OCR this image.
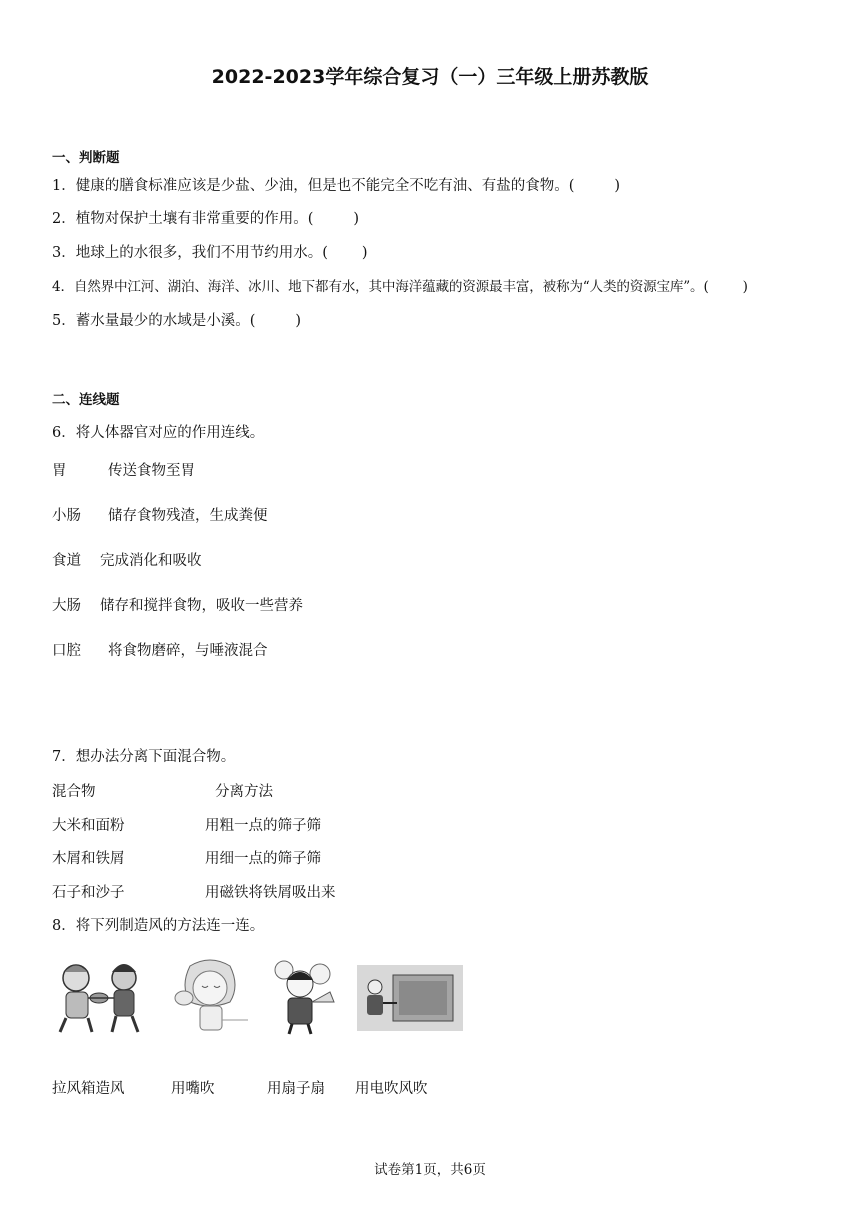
2022-2023学年综合复习（一）三年级上册苏教版
一、判断题
1．健康的膳食标准应该是少盐、少油，但是也不能完全不吃有油、有盐的食物。(	)
2．植物对保护土壤有非常重要的作用。(	)
3．地球上的水很多，我们不用节约用水。( )
4．自然界中江河、湖泊、海洋、冰川、地下都有水，其中海洋蕴藏的资源最丰富，被称为“人类的资源宝库”。(	)
5．蓄水量最少的水域是小溪。(	)
二、连线题
6．将人体器官对应的作用连线。
胃	传送食物至胃
小肠 储存食物残渣，生成粪便
食道 完成消化和吸收
大肠 储存和搅拌食物，吸收一些营养
口腔 将食物磨碎，与唾液混合
7．想办法分离下面混合物。
混合物	分离方法
大米和面粉	用粗一点的筛子筛
木屑和铁屑	用细一点的筛子筛
石子和沙子	用磁铁将铁屑吸出来
8．将下列制造风的方法连一连。
拉风箱造风	用嘴吹	用扇子扇 用电吹风吹
试卷第1页，共6页
